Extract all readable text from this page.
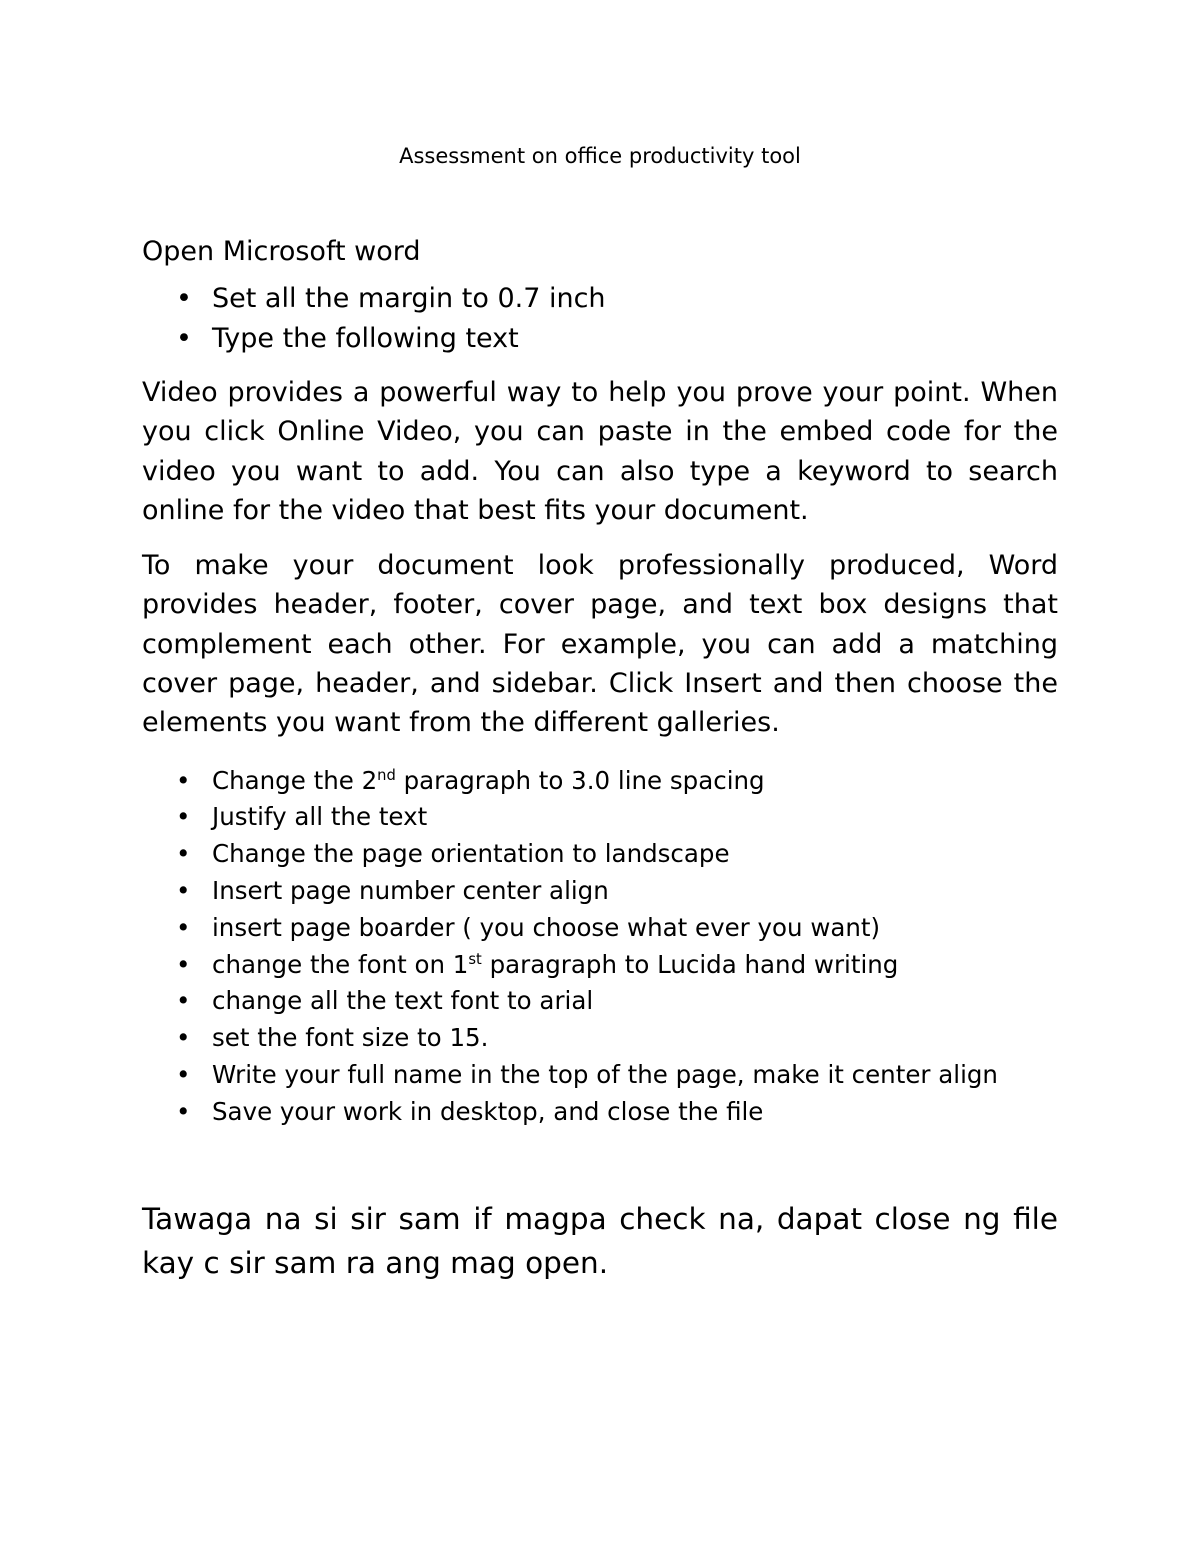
Assessment on office productivity tool

Open Microsoft word

• Set all the margin to 0.7 inch
• Type the following text

Video provides a powerful way to help you prove your point. When you click Online Video, you can paste in the embed code for the video you want to add. You can also type a keyword to search online for the video that best fits your document.

To make your document look professionally produced, Word provides header, footer, cover page, and text box designs that complement each other. For example, you can add a matching cover page, header, and sidebar. Click Insert and then choose the elements you want from the different galleries.

• Change the 2nd paragraph to 3.0 line spacing
• Justify all the text
• Change the page orientation to landscape
• Insert page number center align
• insert page boarder ( you choose what ever you want)
• change the font on 1st paragraph to Lucida hand writing
• change all the text font to arial
• set the font size to 15.
• Write your full name in the top of the page, make it center align
• Save your work in desktop, and close the file

Tawaga na si sir sam if magpa check na, dapat close ng file kay c sir sam ra ang mag open.
